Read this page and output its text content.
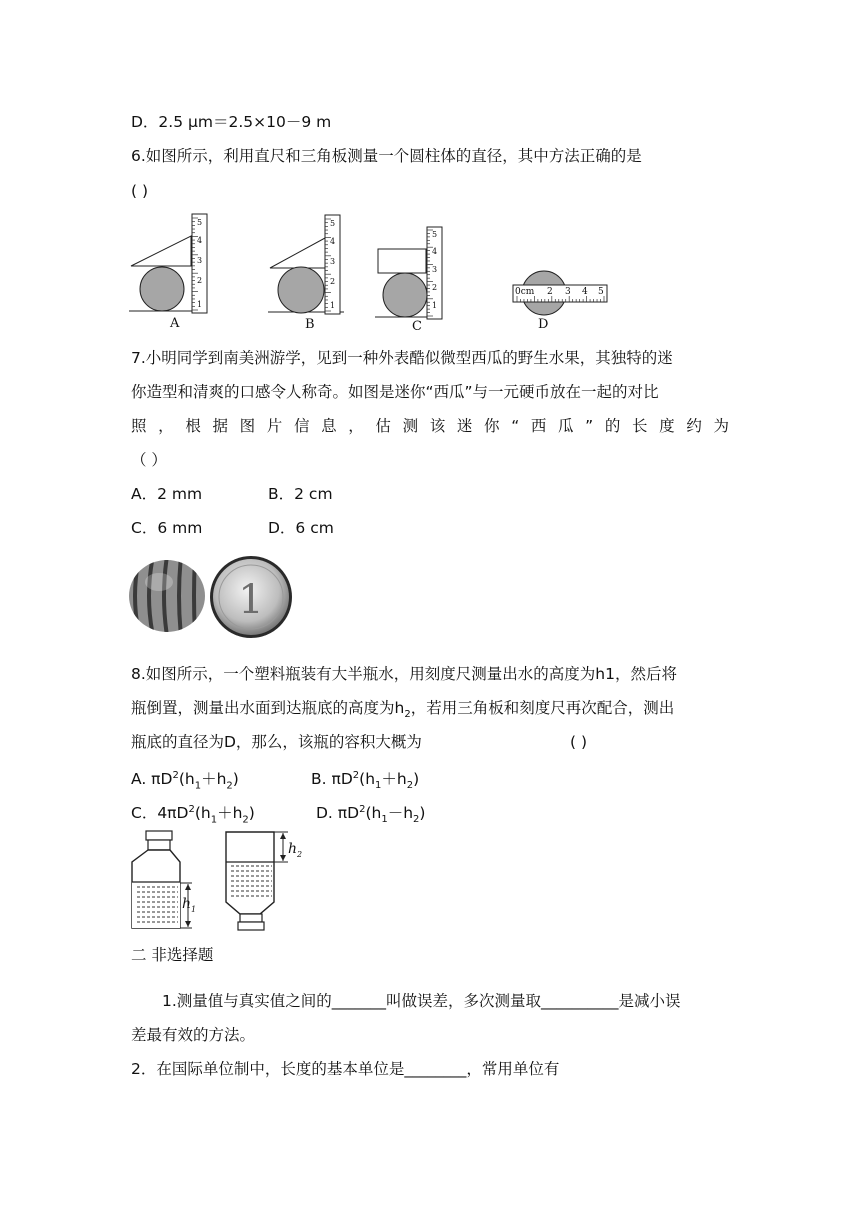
D．2.5 μm＝2.5×10－9 m
6.如图所示，利用直尺和三角板测量一个圆柱体的直径，其中方法正确的是
( )
1
2
3
4
5
1
2
3
4
5
1
2
3
4
5
0cm 2 3 4 5
A	B	C	D
7.小明同学到南美洲游学，见到一种外表酷似微型西瓜的野生水果，其独特的迷
你造型和清爽的口感令人称奇。如图是迷你“西瓜”与一元硬币放在一起的对比
照 ， 根 据 图 片 信 息 ， 估 测 该 迷 你 “ 西 瓜 ” 的 长 度 约 为
（ ）
A．2 mm	B．2 cm
C．6 mm	D．6 cm
1
8.如图所示，一个塑料瓶装有大半瓶水，用刻度尺测量出水的高度为h1，然后将
瓶倒置，测量出水面到达瓶底的高度为$h_2$，若用三角板和刻度尺再次配合，测出
瓶底的直径为D，那么，该瓶的容积大概为	( )
A. $\pi D^2(h_1+h_2)$	B. $\pi D^2(h_1+h_2)$
C．$4\pi D^2(h_1+h_2)$	D. $\pi D^2(h_1-h_2)$
$h_1$
$h_2$
二 非选择题
1.测量值与真实值之间的_______叫做误差，多次测量取__________是减小误
差最有效的方法。
2．在国际单位制中，长度的基本单位是________，常用单位有
